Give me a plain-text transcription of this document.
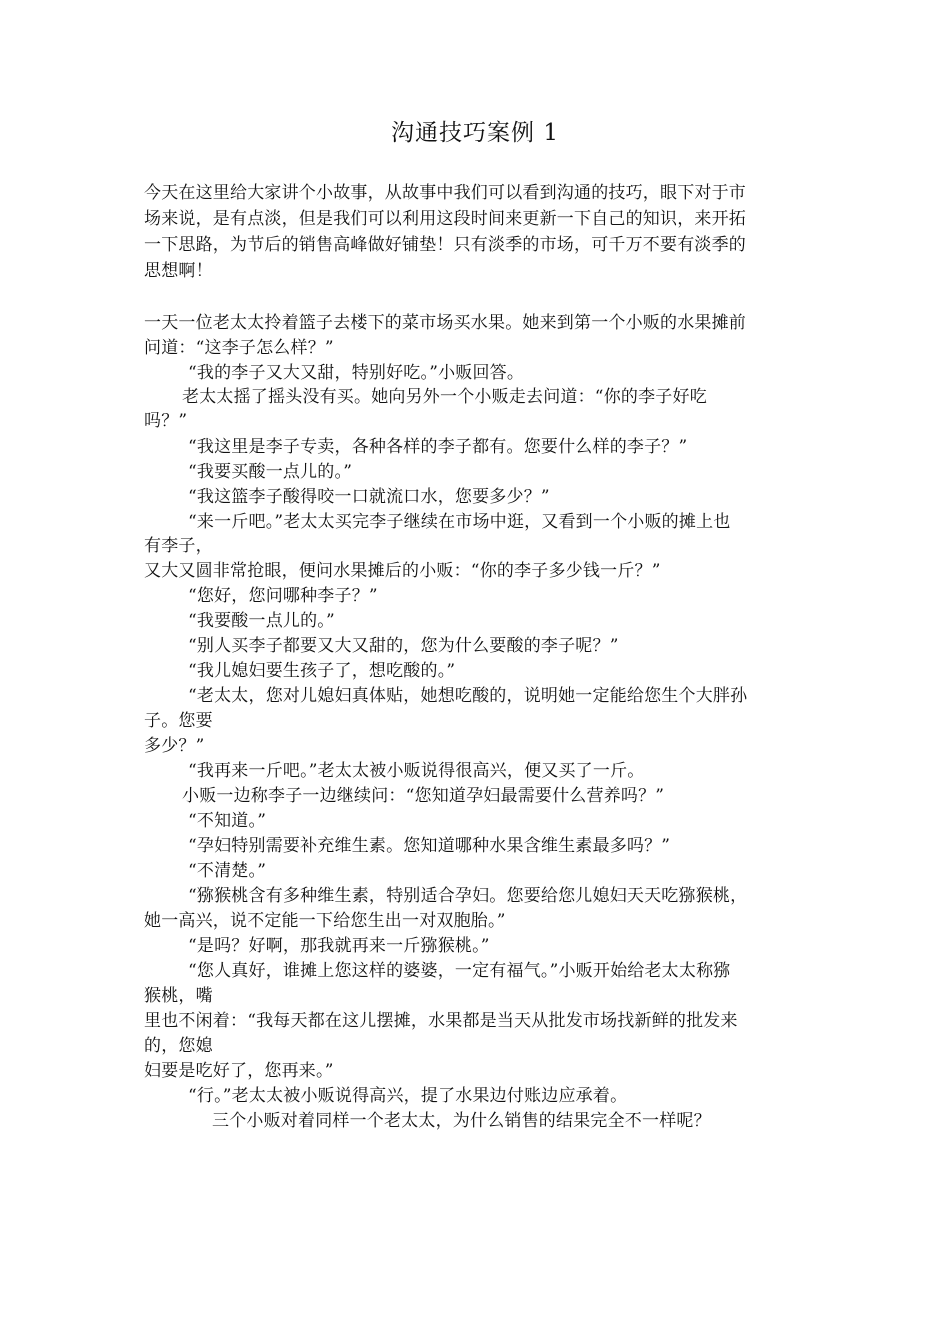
沟通技巧案例 1

今天在这里给大家讲个小故事，从故事中我们可以看到沟通的技巧，眼下对于市

场来说，是有点淡，但是我们可以利用这段时间来更新一下自己的知识，来开拓

一下思路，为节后的销售高峰做好铺垫！只有淡季的市场，可千万不要有淡季的

思想啊！

一天一位老太太拎着篮子去楼下的菜市场买水果。她来到第一个小贩的水果摊前

问道：“这李子怎么样？”

“我的李子又大又甜，特别好吃。”小贩回答。

老太太摇了摇头没有买。她向另外一个小贩走去问道：“你的李子好吃

吗？”

“我这里是李子专卖，各种各样的李子都有。您要什么样的李子？”

“我要买酸一点儿的。”

“我这篮李子酸得咬一口就流口水，您要多少？”

“来一斤吧。”老太太买完李子继续在市场中逛，又看到一个小贩的摊上也

有李子，

又大又圆非常抢眼，便问水果摊后的小贩：“你的李子多少钱一斤？”

“您好，您问哪种李子？”

“我要酸一点儿的。”

“别人买李子都要又大又甜的，您为什么要酸的李子呢？”

“我儿媳妇要生孩子了，想吃酸的。”

“老太太，您对儿媳妇真体贴，她想吃酸的，说明她一定能给您生个大胖孙

子。您要

多少？”

“我再来一斤吧。”老太太被小贩说得很高兴，便又买了一斤。

小贩一边称李子一边继续问：“您知道孕妇最需要什么营养吗？”

“不知道。”

“孕妇特别需要补充维生素。您知道哪种水果含维生素最多吗？”

“不清楚。”

“猕猴桃含有多种维生素，特别适合孕妇。您要给您儿媳妇天天吃猕猴桃，

她一高兴，说不定能一下给您生出一对双胞胎。”

“是吗？好啊，那我就再来一斤猕猴桃。”

“您人真好，谁摊上您这样的婆婆，一定有福气。”小贩开始给老太太称猕

猴桃，嘴

里也不闲着：“我每天都在这儿摆摊，水果都是当天从批发市场找新鲜的批发来

的，您媳

妇要是吃好了，您再来。”

“行。”老太太被小贩说得高兴，提了水果边付账边应承着。

三个小贩对着同样一个老太太，为什么销售的结果完全不一样呢？
